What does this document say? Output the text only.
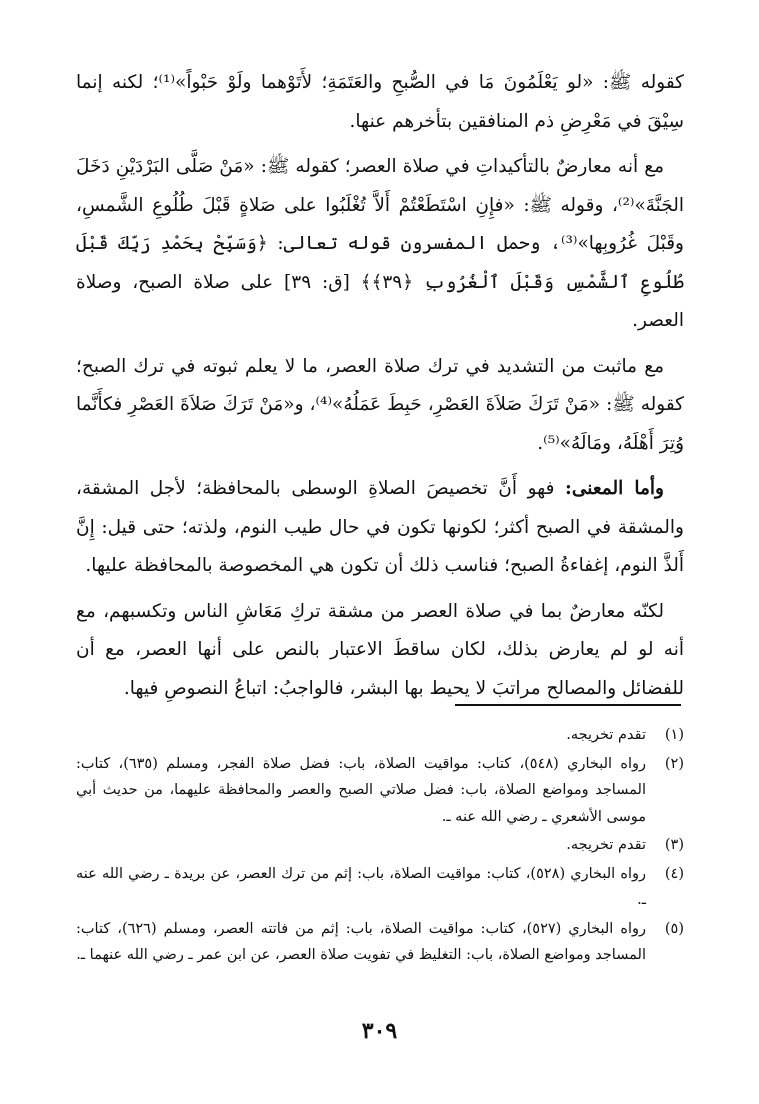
كقوله ﷺ: «لو يَعْلَمُونَ مَا في الصُّبحِ والعَتَمَةِ؛ لأَتَوْهما ولَوْ حَبْواً»⁽¹⁾؛ لكنه إنما سِيْقَ في مَعْرِضِ ذم المنافقين بتأخرهم عنها.

مع أنه معارضٌ بالتأكيداتِ في صلاة العصر؛ كقوله ﷺ: «مَنْ صَلَّى البَرْدَيْنِ دَخَلَ الجَنَّةَ»⁽²⁾، وقوله ﷺ: «فإِنِ اسْتَطَعْتُمْ أَلاَّ تُغْلَبُوا على صَلاةٍ قَبْلَ طُلُوعِ الشَّمسِ، وقَبْلَ غُرُوبِها»⁽³⁾، وحمل المفسرون قوله تعالى: ﴿وَسَبِّحْ بِحَمْدِ رَبِّكَ قَبْلَ طُلُوعِ ٱلشَّمْسِ وَقَبْلَ ٱلْغُرُوبِ ﴿٣٩﴾﴾ [ق: ٣٩] على صلاة الصبح، وصلاة العصر.

مع ماثبت من التشديد في ترك صلاة العصر، ما لا يعلم ثبوته في ترك الصبح؛ كقوله ﷺ: «مَنْ تَرَكَ صَلاَةَ العَصْرِ، حَبِطَ عَمَلُهُ»⁽⁴⁾، و«مَنْ تَرَكَ صَلاَةَ العَصْرِ فكأَنَّما وُتِرَ أَهْلَهُ، ومَالَهُ»⁽⁵⁾.

وأما المعنى: فهو أَنَّ تخصيصَ الصلاةِ الوسطى بالمحافظة؛ لأجل المشقة، والمشقة في الصبح أكثر؛ لكونها تكون في حال طيب النوم، ولذته؛ حتى قيل: إِنَّ أَلذَّ النوم، إغفاءةُ الصبح؛ فناسب ذلك أن تكون هي المخصوصة بالمحافظة عليها.

لكنّه معارضٌ بما في صلاة العصر من مشقة تركِ مَعَاشِ الناس وتكسبهم، مع أنه لو لم يعارض بذلك، لكان ساقطَ الاعتبار بالنص على أنها العصر، مع أن للفضائل والمصالح مراتبَ لا يحيط بها البشر، فالواجبُ: اتباعُ النصوصِ فيها.

(١)
تقدم تخريجه.
(٢)
رواه البخاري (٥٤٨)، كتاب: مواقيت الصلاة، باب: فضل صلاة الفجر، ومسلم (٦٣٥)، كتاب: المساجد ومواضع الصلاة، باب: فضل صلاتي الصبح والعصر والمحافظة عليهما، من حديث أبي موسى الأشعري ـ رضي الله عنه ـ.
(٣)
تقدم تخريجه.
(٤)
رواه البخاري (٥٢٨)، كتاب: مواقيت الصلاة، باب: إثم من ترك العصر، عن بريدة ـ رضي الله عنه ـ.
(٥)
رواه البخاري (٥٢٧)، كتاب: مواقيت الصلاة، باب: إثم من فاتته العصر، ومسلم (٦٢٦)، كتاب: المساجد ومواضع الصلاة، باب: التغليظ في تفويت صلاة العصر، عن ابن عمر ـ رضي الله عنهما ـ.
٣٠٩
